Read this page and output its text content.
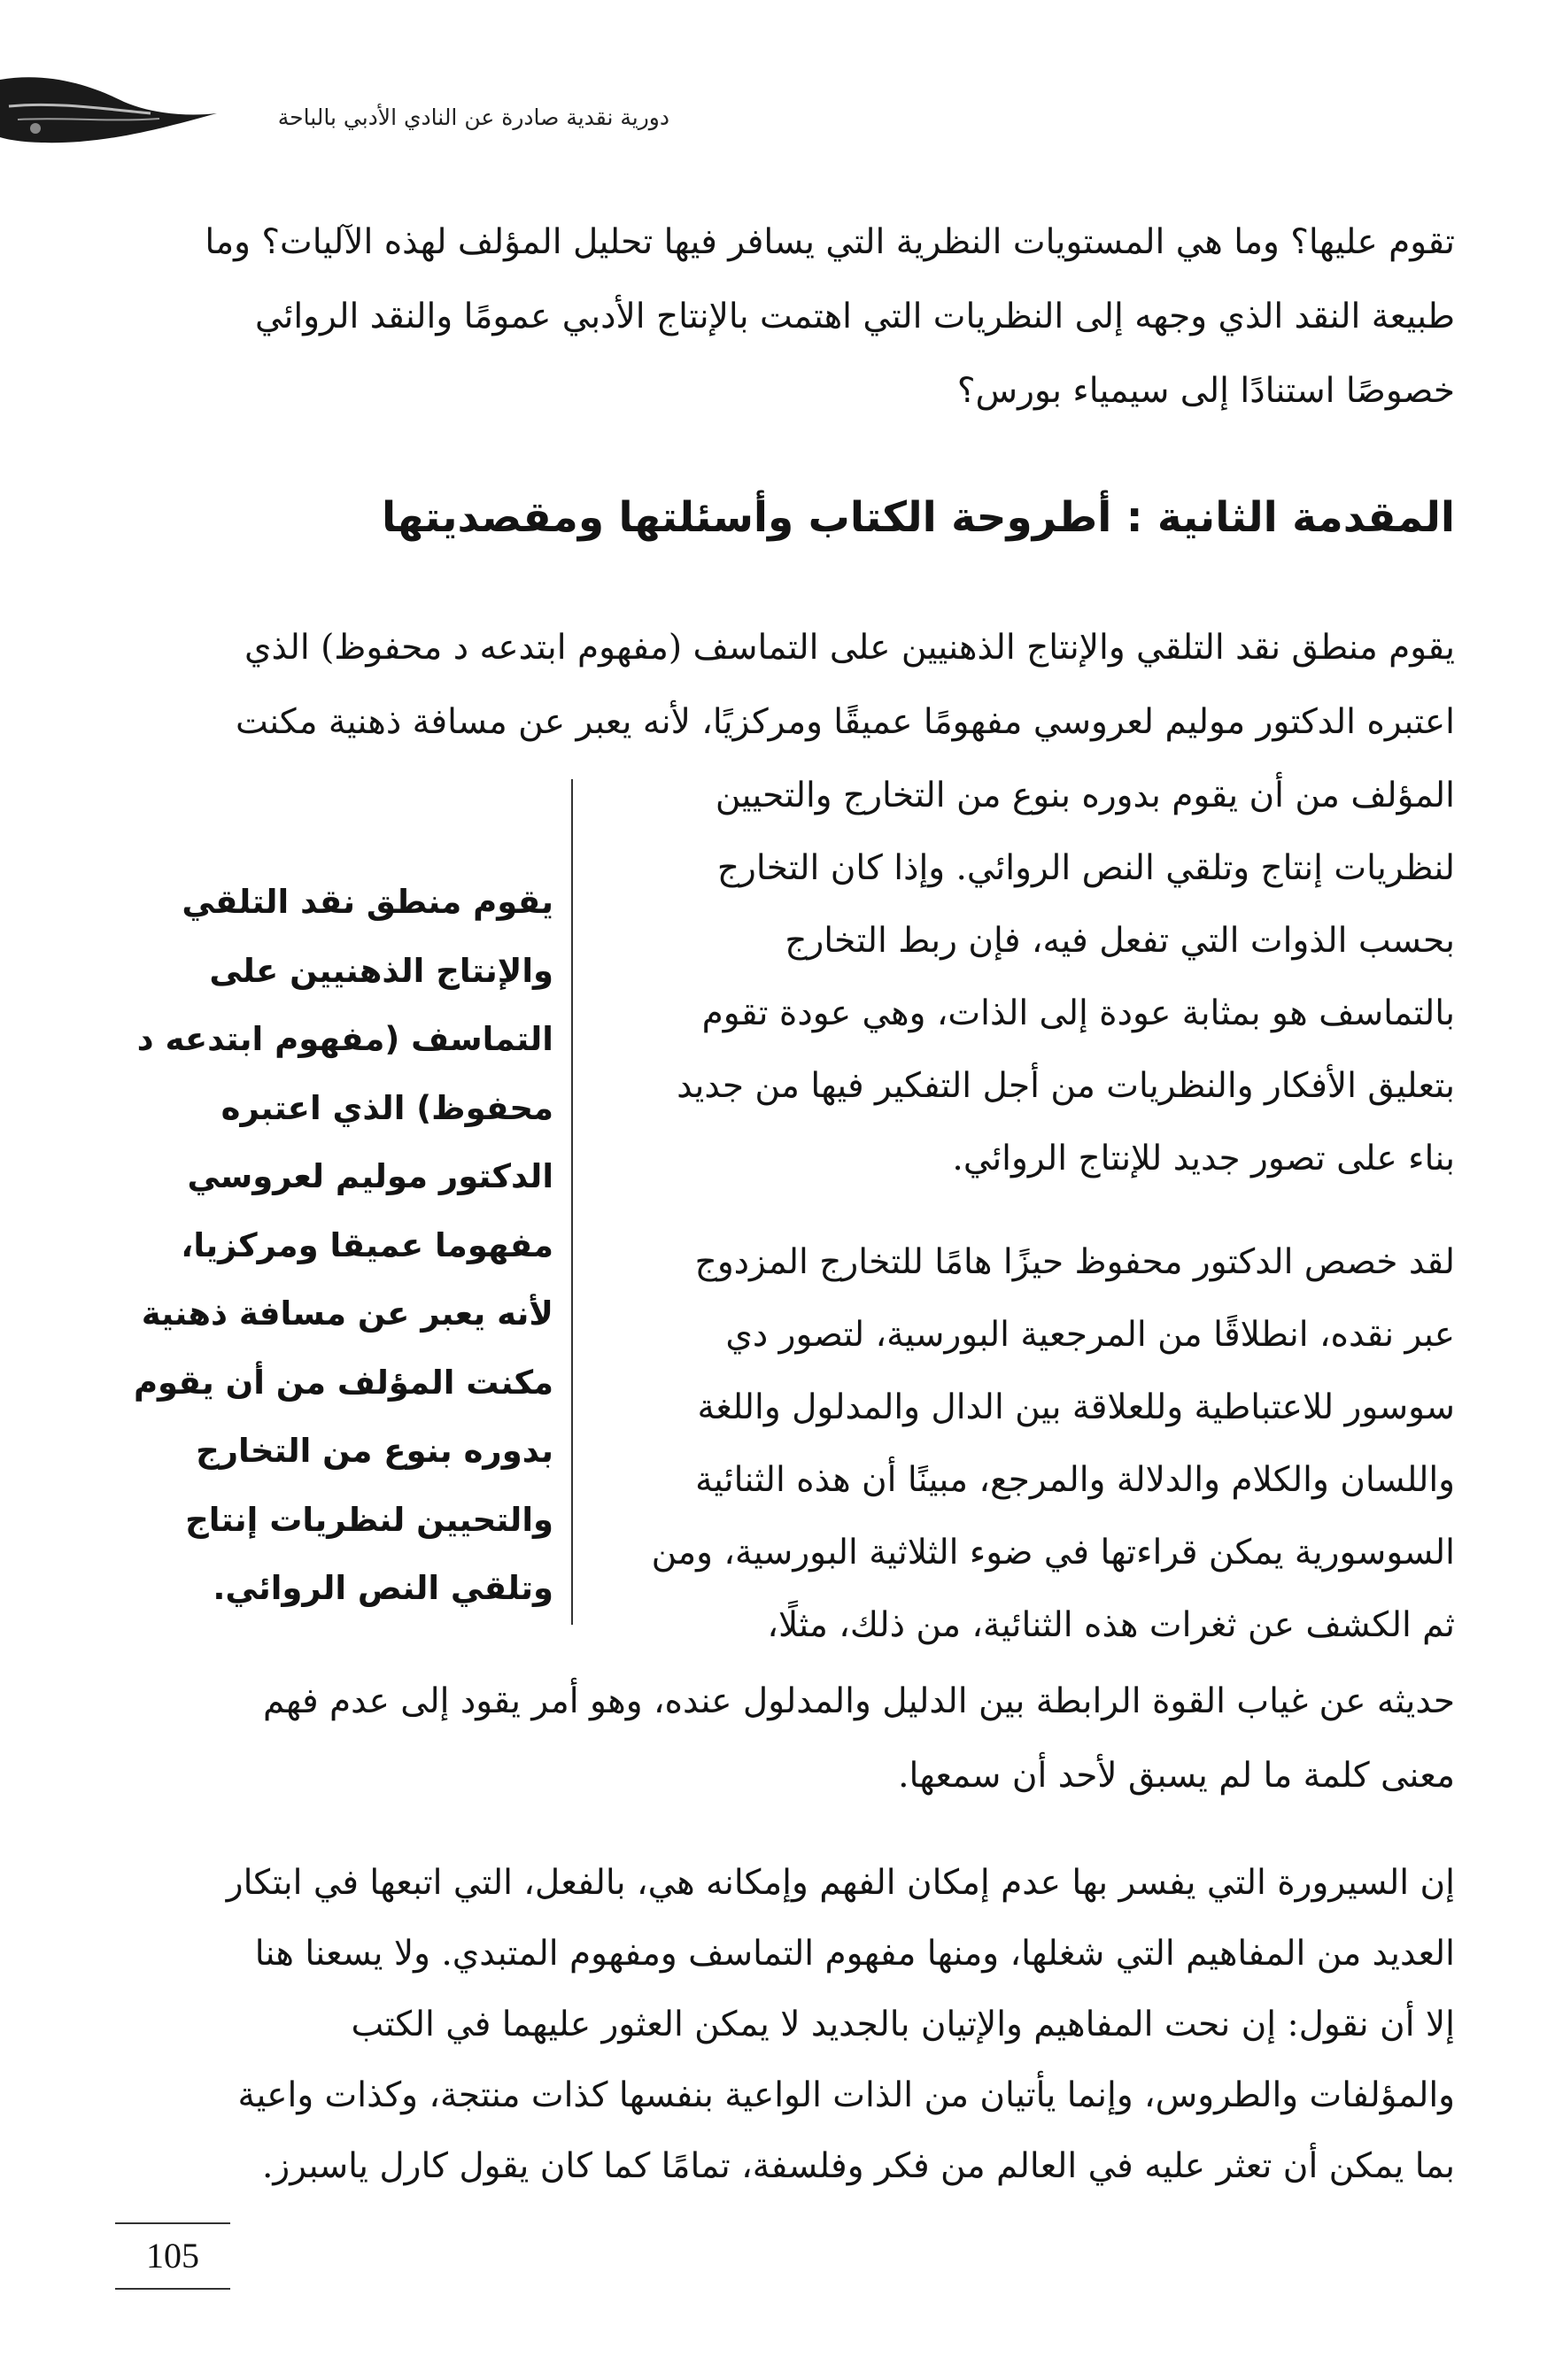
دورية نقدية صادرة عن النادي الأدبي بالباحة

تقوم عليها؟ وما هي المستويات النظرية التي يسافر فيها تحليل المؤلف لهذه الآليات؟ وما

طبيعة النقد الذي وجهه إلى النظريات التي اهتمت بالإنتاج الأدبي عمومًا والنقد الروائي

خصوصًا استنادًا إلى سيمياء بورس؟

المقدمة الثانية : أطروحة الكتاب وأسئلتها ومقصديتها

يقوم منطق نقد التلقي والإنتاج الذهنيين على التماسف (مفهوم ابتدعه د محفوظ) الذي

اعتبره الدكتور موليم لعروسي مفهومًا عميقًا ومركزيًا، لأنه يعبر عن مسافة ذهنية مكنت

المؤلف من أن يقوم بدوره بنوع من التخارج والتحيين

لنظريات إنتاج وتلقي النص الروائي. وإذا كان التخارج

بحسب الذوات التي تفعل فيه، فإن ربط التخارج

بالتماسف هو بمثابة عودة إلى الذات، وهي عودة تقوم

بتعليق الأفكار والنظريات من أجل التفكير فيها من جديد

بناء على تصور جديد للإنتاج الروائي.

لقد خصص الدكتور محفوظ حيزًا هامًا للتخارج المزدوج

عبر نقده، انطلاقًا من المرجعية البورسية، لتصور دي

سوسور للاعتباطية وللعلاقة بين الدال والمدلول واللغة

واللسان والكلام والدلالة والمرجع، مبينًا أن هذه الثنائية

السوسورية يمكن قراءتها في ضوء الثلاثية البورسية، ومن

ثم الكشف عن ثغرات هذه الثنائية، من ذلك، مثلًا،

حديثه عن غياب القوة الرابطة بين الدليل والمدلول عنده، وهو أمر يقود إلى عدم فهم

معنى كلمة ما لم يسبق لأحد أن سمعها.

إن السيرورة التي يفسر بها عدم إمكان الفهم وإمكانه هي، بالفعل، التي اتبعها في ابتكار

العديد من المفاهيم التي شغلها، ومنها مفهوم التماسف ومفهوم المتبدي. ولا يسعنا هنا

إلا أن نقول: إن نحت المفاهيم والإتيان بالجديد لا يمكن العثور عليهما في الكتب

والمؤلفات والطروس، وإنما يأتيان من الذات الواعية بنفسها كذات منتجة، وكذات واعية

بما يمكن أن تعثر عليه في العالم من فكر وفلسفة، تمامًا كما كان يقول كارل ياسبرز.

يقوم منطق نقد التلقي
والإنتاج الذهنيين على
التماسف (مفهوم ابتدعه د
محفوظ) الذي اعتبره
الدكتور موليم لعروسي
مفهوما عميقا ومركزيا،
لأنه يعبر عن مسافة ذهنية
مكنت المؤلف من أن يقوم
بدوره بنوع من التخارج
والتحيين لنظريات إنتاج
وتلقي النص الروائي.
105
